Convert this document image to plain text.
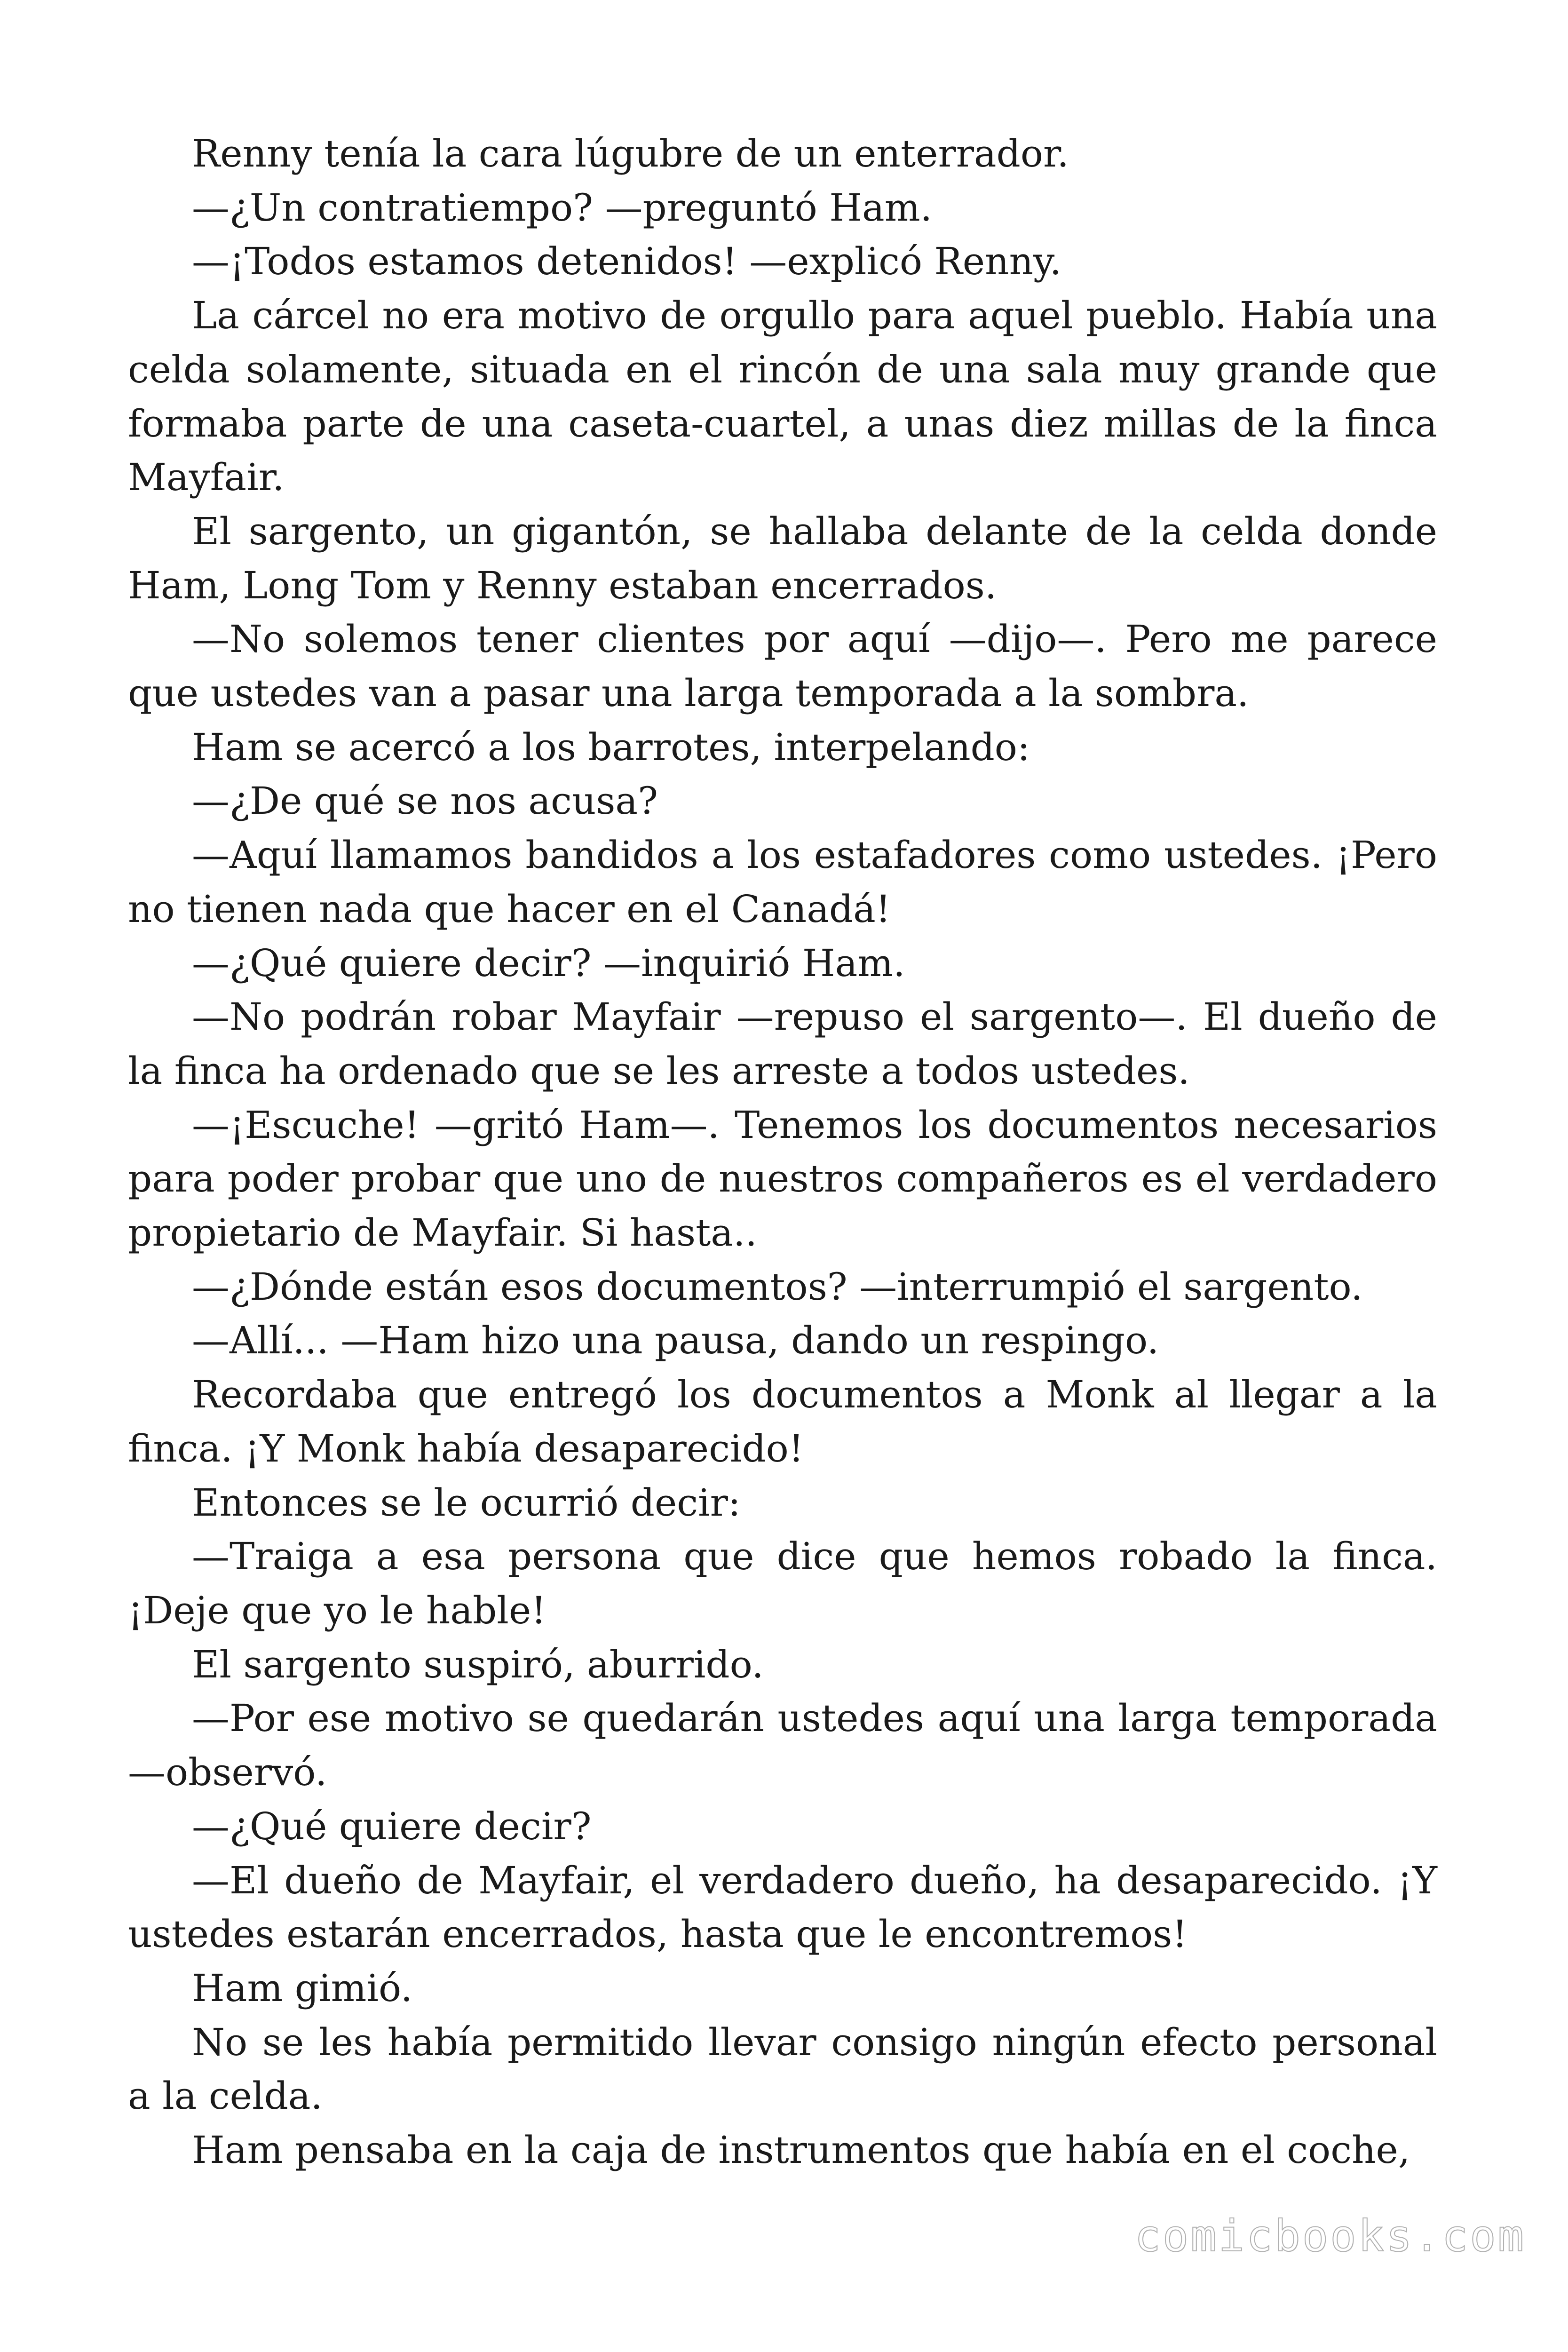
Renny tenía la cara lúgubre de un enterrador.

—¿Un contratiempo? —preguntó Ham.

—¡Todos estamos detenidos! —explicó Renny.

La cárcel no era motivo de orgullo para aquel pueblo. Había una celda solamente, situada en el rincón de una sala muy grande que formaba parte de una caseta-cuartel, a unas diez millas de la finca Mayfair.

El sargento, un gigantón, se hallaba delante de la celda donde Ham, Long Tom y Renny estaban encerrados.

—No solemos tener clientes por aquí —dijo—. Pero me parece que ustedes van a pasar una larga temporada a la sombra.

Ham se acercó a los barrotes, interpelando:

—¿De qué se nos acusa?

—Aquí llamamos bandidos a los estafadores como ustedes. ¡Pero no tienen nada que hacer en el Canadá!

—¿Qué quiere decir? —inquirió Ham.

—No podrán robar Mayfair —repuso el sargento—. El dueño de la finca ha ordenado que se les arreste a todos ustedes.

—¡Escuche! —gritó Ham—. Tenemos los documentos necesarios para poder probar que uno de nuestros compañeros es el verdadero propietario de Mayfair. Si hasta..

—¿Dónde están esos documentos? —interrumpió el sargento.

—Allí... —Ham hizo una pausa, dando un respingo.

Recordaba que entregó los documentos a Monk al llegar a la finca. ¡Y Monk había desaparecido!

Entonces se le ocurrió decir:

—Traiga a esa persona que dice que hemos robado la finca. ¡Deje que yo le hable!

El sargento suspiró, aburrido.

—Por ese motivo se quedarán ustedes aquí una larga temporada —observó.

—¿Qué quiere decir?

—El dueño de Mayfair, el verdadero dueño, ha desaparecido. ¡Y ustedes estarán encerrados, hasta que le encontremos!

Ham gimió.

No se les había permitido llevar consigo ningún efecto personal a la celda.

Ham pensaba en la caja de instrumentos que había en el coche,

comicbooks.com
